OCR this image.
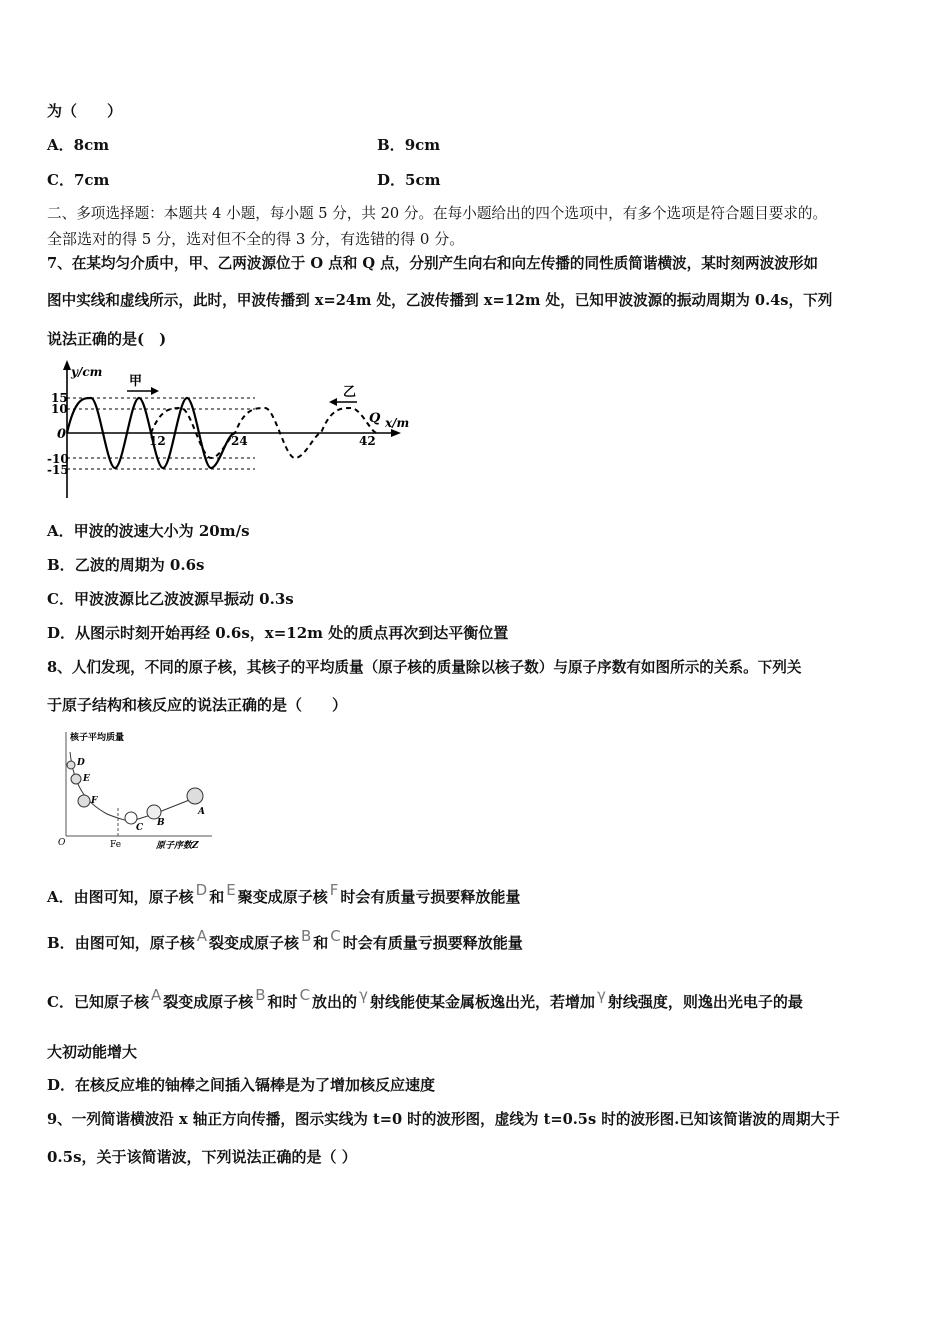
为（　　）
A．8cm	B．9cm
C．7cm	D．5cm
二、多项选择题：本题共 4 小题，每小题 5 分，共 20 分。在每小题给出的四个选项中，有多个选项是符合题目要求的。
全部选对的得 5 分，选对但不全的得 3 分，有选错的得 0 分。
7、在某均匀介质中，甲、乙两波源位于 O 点和 Q 点，分别产生向右和向左传播的同性质简谐横波，某时刻两波波形如
图中实线和虚线所示，此时，甲波传播到 x=24m 处，乙波传播到 x=12m 处，已知甲波波源的振动周期为 0.4s，下列
说法正确的是(　)
y/cm
x/m
0
15
10
-10
-15
甲
乙
Q
12	24	42
A．甲波的波速大小为 20m/s
B．乙波的周期为 0.6s
C．甲波波源比乙波波源早振动 0.3s
D．从图示时刻开始再经 0.6s，x=12m 处的质点再次到达平衡位置
8、人们发现，不同的原子核，其核子的平均质量（原子核的质量除以核子数）与原子序数有如图所示的关系。下列关
于原子结构和核反应的说法正确的是（　　）
核子平均质量
原子序数Z
O	Fe
D
E
F
C B
A
A．由图可知，原子核 D 和 E 聚变成原子核 F 时会有质量亏损要释放能量
B．由图可知，原子核 A 裂变成原子核 B 和 C 时会有质量亏损要释放能量
C．已知原子核 A 裂变成原子核 B 和时 C 放出的 γ 射线能使某金属板逸出光，若增加 γ 射线强度，则逸出光电子的最
大初动能增大
D．在核反应堆的铀棒之间插入镉棒是为了增加核反应速度
9、一列简谐横波沿 x 轴正方向传播，图示实线为 t=0 时的波形图，虚线为 t=0.5s 时的波形图.已知该简谐波的周期大于
0.5s，关于该简谐波，下列说法正确的是（ ）
